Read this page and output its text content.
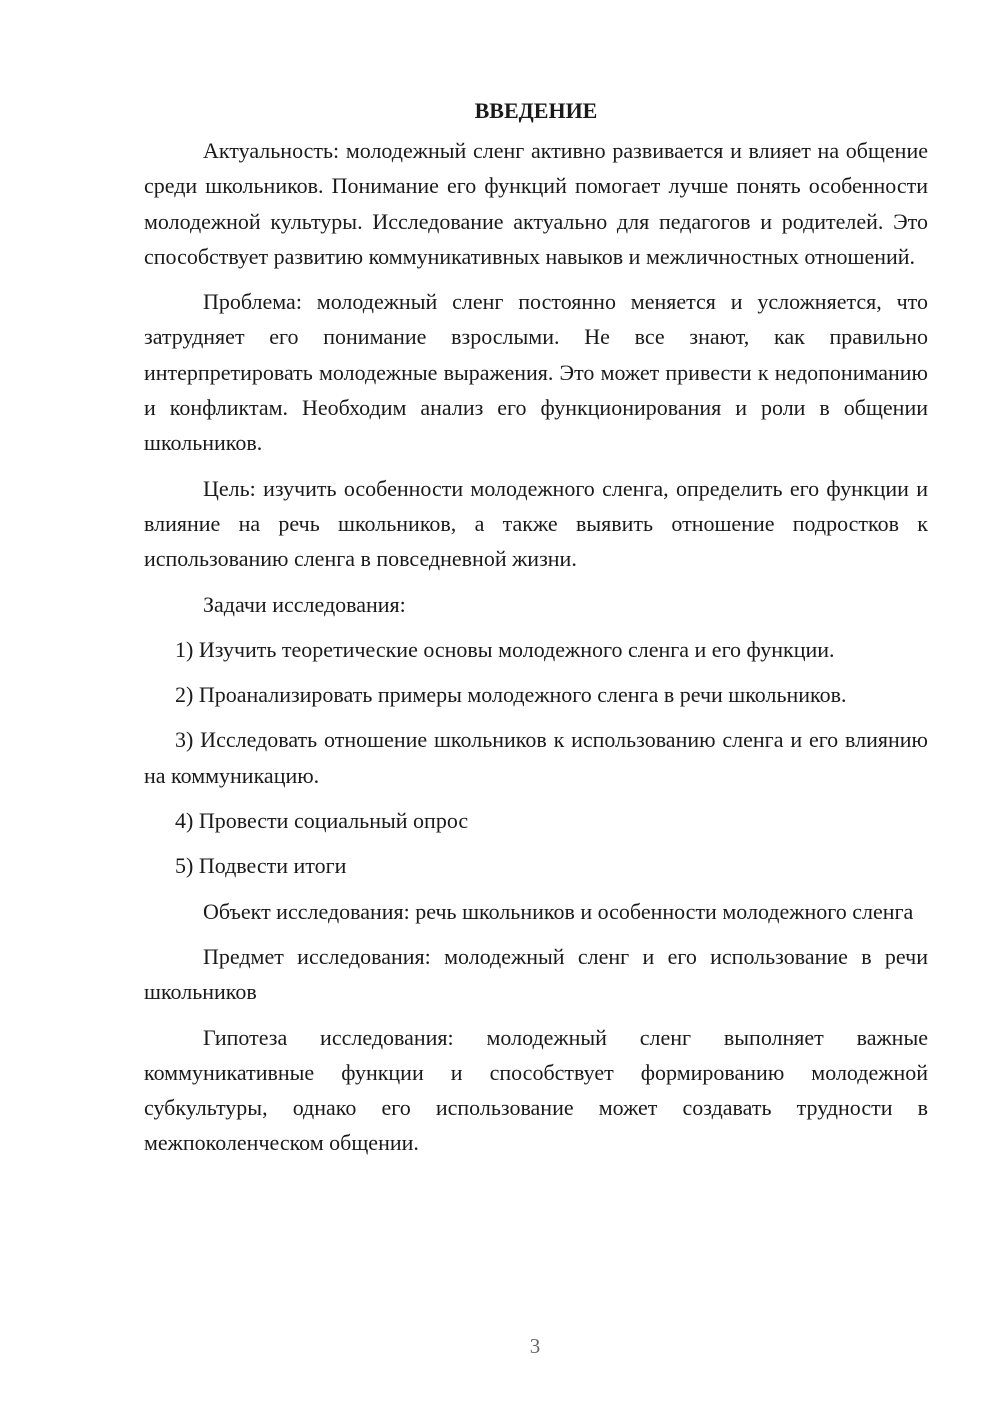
ВВЕДЕНИЕ

Актуальность: молодежный сленг активно развивается и влияет на общение среди школьников. Понимание его функций помогает лучше понять особенности молодежной культуры. Исследование актуально для педагогов и родителей. Это способствует развитию коммуникативных навыков и межличностных отношений.

Проблема: молодежный сленг постоянно меняется и усложняется, что затрудняет его понимание взрослыми. Не все знают, как правильно интерпретировать молодежные выражения. Это может привести к недопониманию и конфликтам. Необходим анализ его функционирования и роли в общении школьников.

Цель: изучить особенности молодежного сленга, определить его функции и влияние на речь школьников, а также выявить отношение подростков к использованию сленга в повседневной жизни.

Задачи исследования:

1) Изучить теоретические основы молодежного сленга и его функции.

2) Проанализировать примеры молодежного сленга в речи школьников.

3) Исследовать отношение школьников к использованию сленга и его влиянию на коммуникацию.

4) Провести социальный опрос

5) Подвести итоги

Объект исследования: речь школьников и особенности молодежного сленга

Предмет исследования: молодежный сленг и его использование в речи школьников

Гипотеза исследования: молодежный сленг выполняет важные коммуникативные функции и способствует формированию молодежной субкультуры, однако его использование может создавать трудности в межпоколенческом общении.

3
